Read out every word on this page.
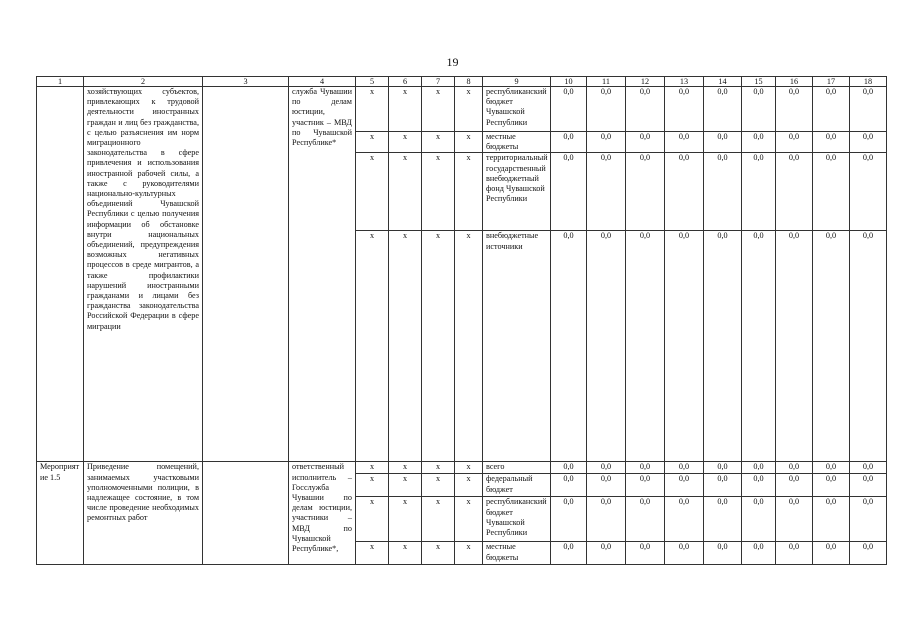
19
1	2	3	4	5	6	7	8	9	10	11	12	13	14	15	16	17	18
	хозяйствующих субъектов, привлекающих к трудовой деятельности иностранных граждан и лиц без гражданства, с целью разъяснения им норм миграционного законодательства в сфере привлечения и использования иностранной рабочей силы, а также с руководителями национально-культурных объединений Чувашской Республики с целью получения информации об обстановке внутри национальных объединений, предупреждения возможных негативных процессов в среде мигрантов, а также профилактики нарушений иностранными гражданами и лицами без гражданства законодательства Российской Федерации в сфере миграции		служба Чувашии по делам юстиции, участник – МВД по Чувашской Республике*	х	х	х	х	республиканский бюджет Чувашской Республики	0,0	0,0	0,0	0,0	0,0	0,0	0,0	0,0	0,0
				х	х	х	х	местные бюджеты	0,0	0,0	0,0	0,0	0,0	0,0	0,0	0,0	0,0
				х	х	х	х	территориальный государственный внебюджетный фонд Чувашской Республики	0,0	0,0	0,0	0,0	0,0	0,0	0,0	0,0	0,0
				х	х	х	х	внебюджетные источники	0,0	0,0	0,0	0,0	0,0	0,0	0,0	0,0	0,0
Мероприятие 1.5	Приведение помещений, занимаемых участковыми уполномоченными полиции, в надлежащее состояние, в том числе проведение необходимых ремонтных работ		ответственный исполнитель – Госслужба Чувашии по делам юстиции, участники – МВД по Чувашской Республике*,	х	х	х	х	всего	0,0	0,0	0,0	0,0	0,0	0,0	0,0	0,0	0,0
				х	х	х	х	федеральный бюджет	0,0	0,0	0,0	0,0	0,0	0,0	0,0	0,0	0,0
				х	х	х	х	республиканский бюджет Чувашской Республики	0,0	0,0	0,0	0,0	0,0	0,0	0,0	0,0	0,0
				х	х	х	х	местные бюджеты	0,0	0,0	0,0	0,0	0,0	0,0	0,0	0,0	0,0
